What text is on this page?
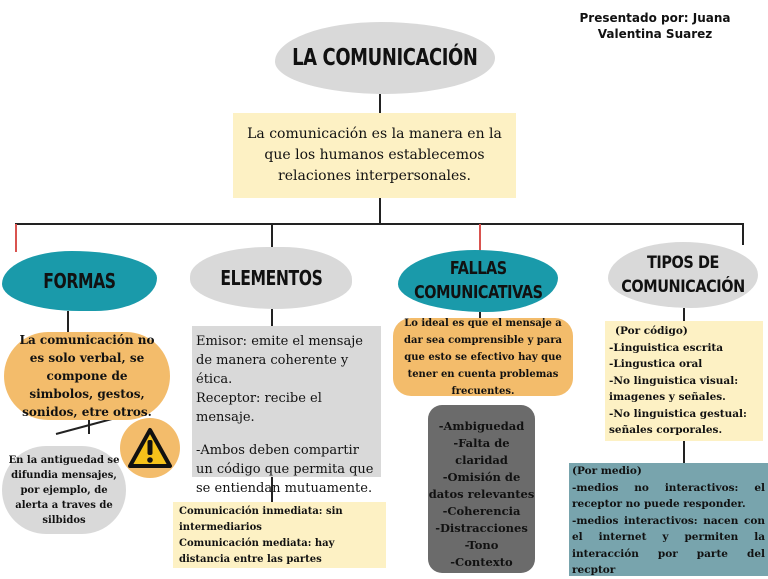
Presentado por: Juana Valentina Suarez
LA COMUNICACIÓN
La comunicación es la manera en la que los humanos establecemos relaciones interpersonales.
FORMAS
La comunicación no es solo verbal, se compone de simbolos, gestos, sonidos, etre otros.
En la antiguedad se difundia mensajes, por ejemplo, de alerta a traves de silbidos
ELEMENTOS

Emisor: emite el mensaje de manera coherente y ética.

Receptor: recibe el mensaje.

-Ambos deben compartir un código que permita que se entiendan mutuamente.

Comunicación inmediata: sin intermediarios

Comunicación mediata: hay distancia entre las partes

FALLAS COMUNICATIVAS
Lo ideal es que el mensaje a dar sea comprensible y para que esto se efectivo hay que tener en cuenta problemas frecuentes.
-Ambiguedad
-Falta de claridad
-Omisión de datos relevantes
-Coherencia
-Distracciones
-Tono
-Contexto
TIPOS DE COMUNICACIÓN

(Por código)

-Linguistica escrita

-Lingustica oral

-No linguistica visual: imagenes y señales.

-No linguistica gestual: señales corporales.

(Por medio)

-medios no interactivos: el receptor no puede responder.

-medios interactivos: nacen con el internet y permiten la interacción por parte del recptor
